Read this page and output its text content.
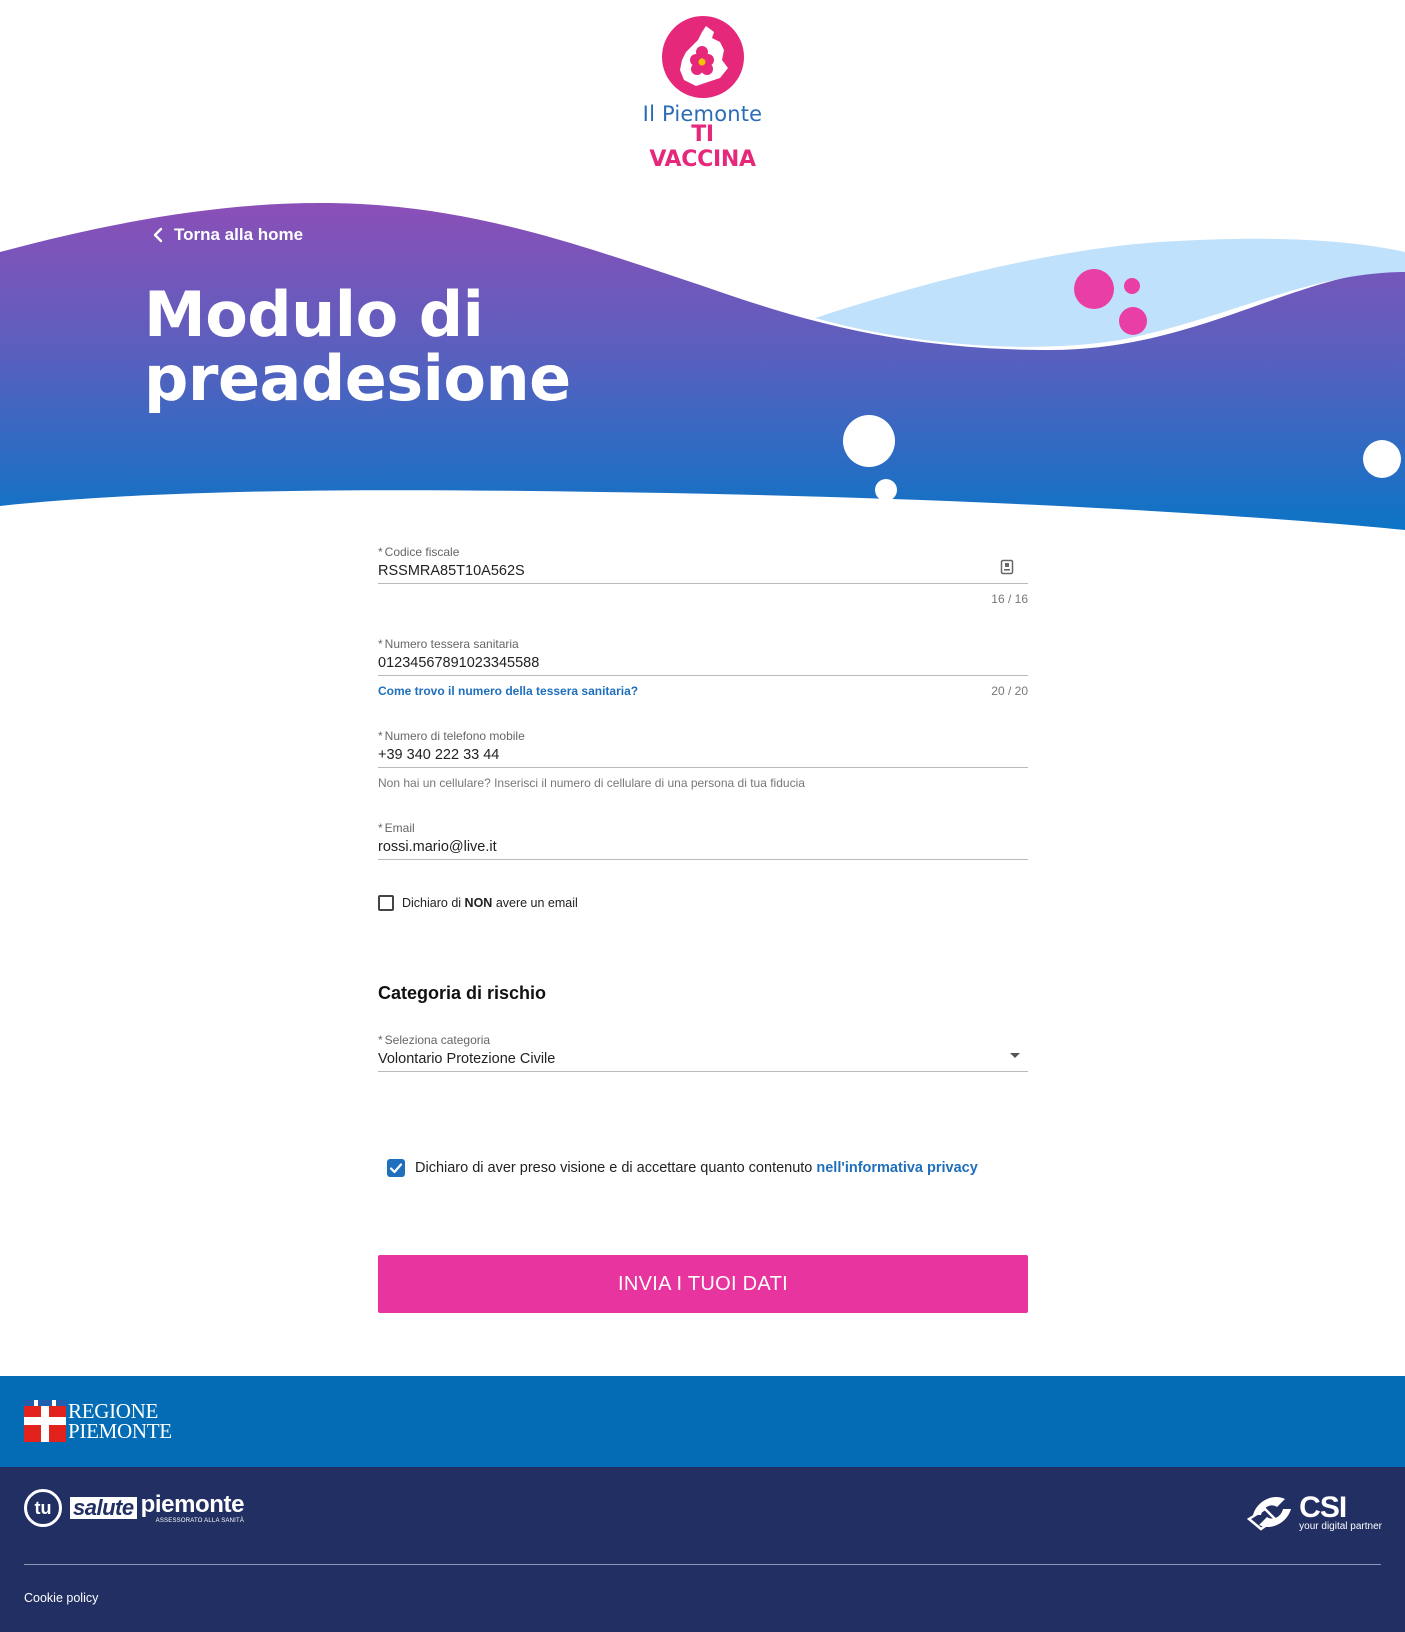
Il Piemonte
TI VACCINA
Torna alla home
Modulo di preadesione
* Codice fiscale
RSSMRA85T10A562S
16 / 16
* Numero tessera sanitaria
01234567891023345588
Come trovo il numero della tessera sanitaria?	20 / 20
* Numero di telefono mobile
+39 340 222 33 44
Non hai un cellulare? Inserisci il numero di cellulare di una persona di tua fiducia
* Email
rossi.mario@live.it
Dichiaro di NON avere un email
Categoria di rischio
* Seleziona categoria
Volontario Protezione Civile
Dichiaro di aver preso visione e di accettare quanto contenuto nell'informativa privacy
INVIA I TUOI DATI
REGIONE
PIEMONTE
tu salute piemonte
ASSESSORATO ALLA SANITÀ	CSI
your digital partner
Cookie policy
